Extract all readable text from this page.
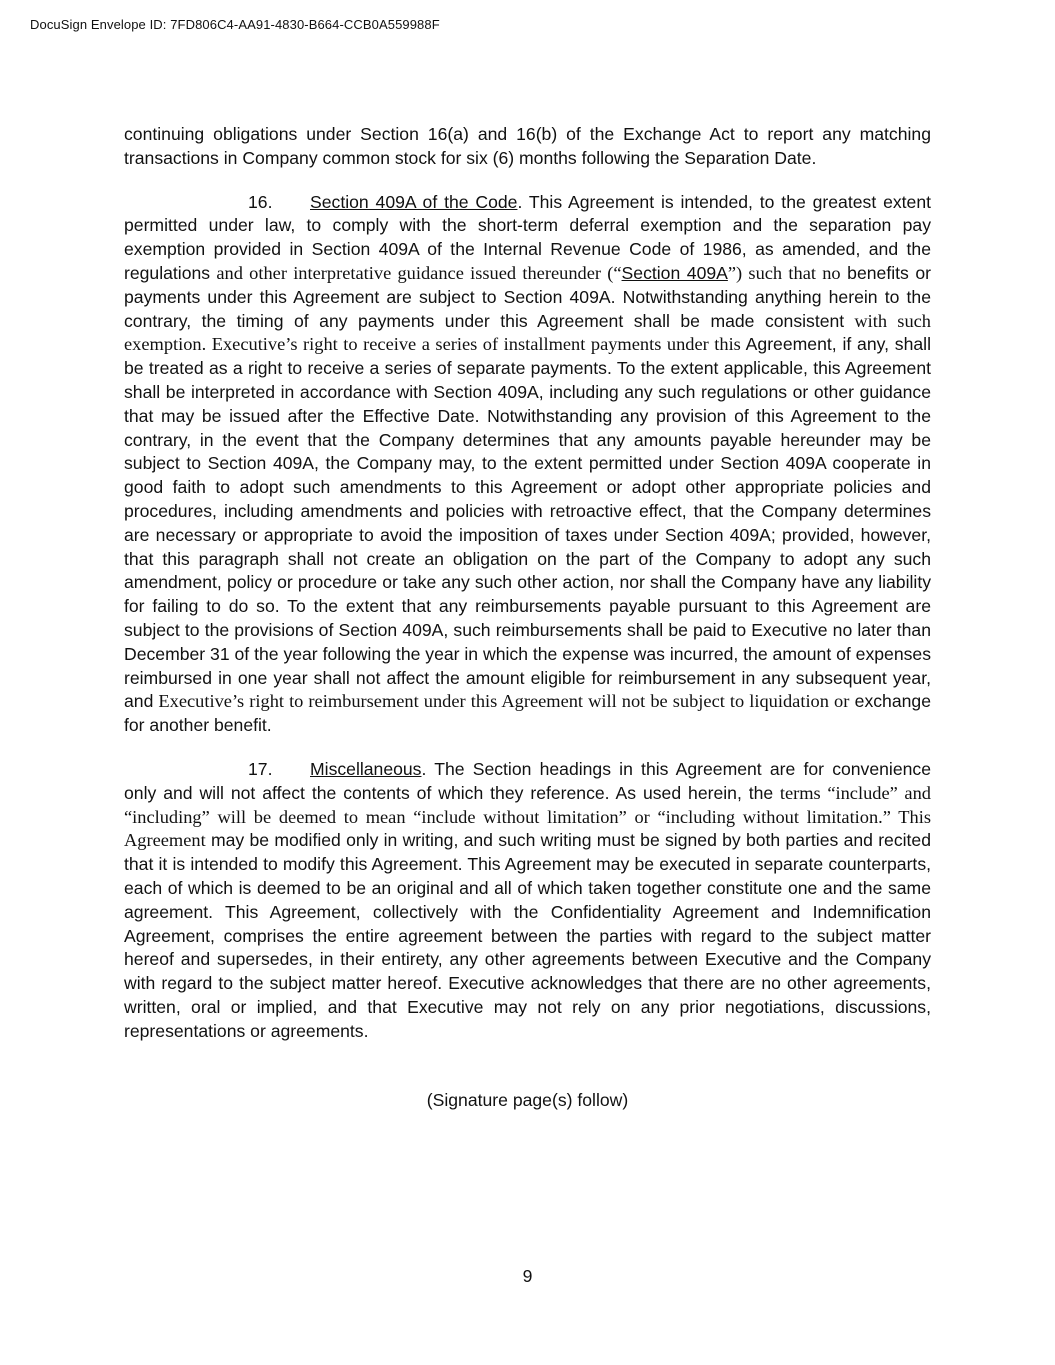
DocuSign Envelope ID: 7FD806C4-AA91-4830-B664-CCB0A559988F

continuing obligations under Section 16(a) and 16(b) of the Exchange Act to report any matching transactions in Company common stock for six (6) months following the Separation Date.

16. Section 409A of the Code. This Agreement is intended, to the greatest extent permitted under law, to comply with the short-term deferral exemption and the separation pay exemption provided in Section 409A of the Internal Revenue Code of 1986, as amended, and the regulations and other interpretative guidance issued thereunder (“Section 409A”) such that no benefits or payments under this Agreement are subject to Section 409A. Notwithstanding anything herein to the contrary, the timing of any payments under this Agreement shall be made consistent with such exemption. Executive’s right to receive a series of installment payments under this Agreement, if any, shall be treated as a right to receive a series of separate payments. To the extent applicable, this Agreement shall be interpreted in accordance with Section 409A, including any such regulations or other guidance that may be issued after the Effective Date. Notwithstanding any provision of this Agreement to the contrary, in the event that the Company determines that any amounts payable hereunder may be subject to Section 409A, the Company may, to the extent permitted under Section 409A cooperate in good faith to adopt such amendments to this Agreement or adopt other appropriate policies and procedures, including amendments and policies with retroactive effect, that the Company determines are necessary or appropriate to avoid the imposition of taxes under Section 409A; provided, however, that this paragraph shall not create an obligation on the part of the Company to adopt any such amendment, policy or procedure or take any such other action, nor shall the Company have any liability for failing to do so. To the extent that any reimbursements payable pursuant to this Agreement are subject to the provisions of Section 409A, such reimbursements shall be paid to Executive no later than December 31 of the year following the year in which the expense was incurred, the amount of expenses reimbursed in one year shall not affect the amount eligible for reimbursement in any subsequent year, and Executive’s right to reimbursement under this Agreement will not be subject to liquidation or exchange for another benefit.

17. Miscellaneous. The Section headings in this Agreement are for convenience only and will not affect the contents of which they reference. As used herein, the terms “include” and “including” will be deemed to mean “include without limitation” or “including without limitation.” This Agreement may be modified only in writing, and such writing must be signed by both parties and recited that it is intended to modify this Agreement. This Agreement may be executed in separate counterparts, each of which is deemed to be an original and all of which taken together constitute one and the same agreement. This Agreement, collectively with the Confidentiality Agreement and Indemnification Agreement, comprises the entire agreement between the parties with regard to the subject matter hereof and supersedes, in their entirety, any other agreements between Executive and the Company with regard to the subject matter hereof. Executive acknowledges that there are no other agreements, written, oral or implied, and that Executive may not rely on any prior negotiations, discussions, representations or agreements.

(Signature page(s) follow)
9
